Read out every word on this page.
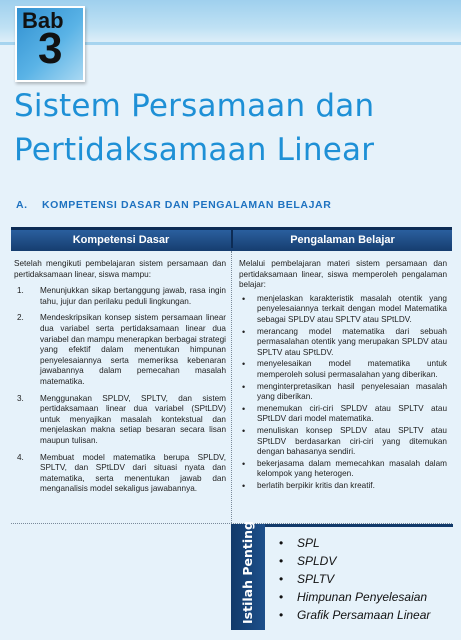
Bab
3
Sistem Persamaan dan
Pertidaksamaan Linear
A. KOMPETENSI DASAR DAN PENGALAMAN BELAJAR
Kompetensi Dasar	Pengalaman Belajar

Setelah mengikuti pembelajaran sistem persamaan dan pertidaksamaan linear, siswa mampu:

1. Menunjukkan sikap bertanggung jawab, rasa ingin tahu, jujur dan perilaku peduli lingkungan.
2. Mendeskripsikan konsep sistem persamaan linear dua variabel serta pertidaksamaan linear dua variabel dan mampu menerapkan berbagai strategi yang efektif dalam menentukan himpunan penyelesaiannya serta memeriksa kebenaran jawabannya dalam pemecahan masalah matematika.
3. Menggunakan SPLDV, SPLTV, dan sistem pertidaksamaan linear dua variabel (SPtLDV) untuk menyajikan masalah kontekstual dan menjelaskan makna setiap besaran secara lisan maupun tulisan.
4. Membuat model matematika berupa SPLDV, SPLTV, dan SPtLDV dari situasi nyata dan matematika, serta menentukan jawab dan menganalisis model sekaligus jawabannya.

Melalui pembelajaran materi sistem persamaan dan pertidaksamaan linear, siswa memperoleh pengalaman belajar:

• menjelaskan karakteristik masalah otentik yang penyelesaiannya terkait dengan model Matematika sebagai SPLDV atau SPLTV atau SPtLDV.
• merancang model matematika dari sebuah permasalahan otentik yang merupakan SPLDV atau SPLTV atau SPtLDV.
• menyelesaikan model matematika untuk memperoleh solusi permasalahan yang diberikan.
• menginterpretasikan hasil penyelesaian masalah yang diberikan.
• menemukan ciri-ciri SPLDV atau SPLTV atau SPtLDV dari model matematika.
• menuliskan konsep SPLDV atau SPLTV atau SPtLDV berdasarkan ciri-ciri yang ditemukan dengan bahasanya sendiri.
• bekerjasama dalam memecahkan masalah dalam kelompok yang heterogen.
• berlatih berpikir kritis dan kreatif.
Istilah Penting	• SPL
• SPLDV
• SPLTV
• Himpunan Penyelesaian
• Grafik Persamaan Linear
